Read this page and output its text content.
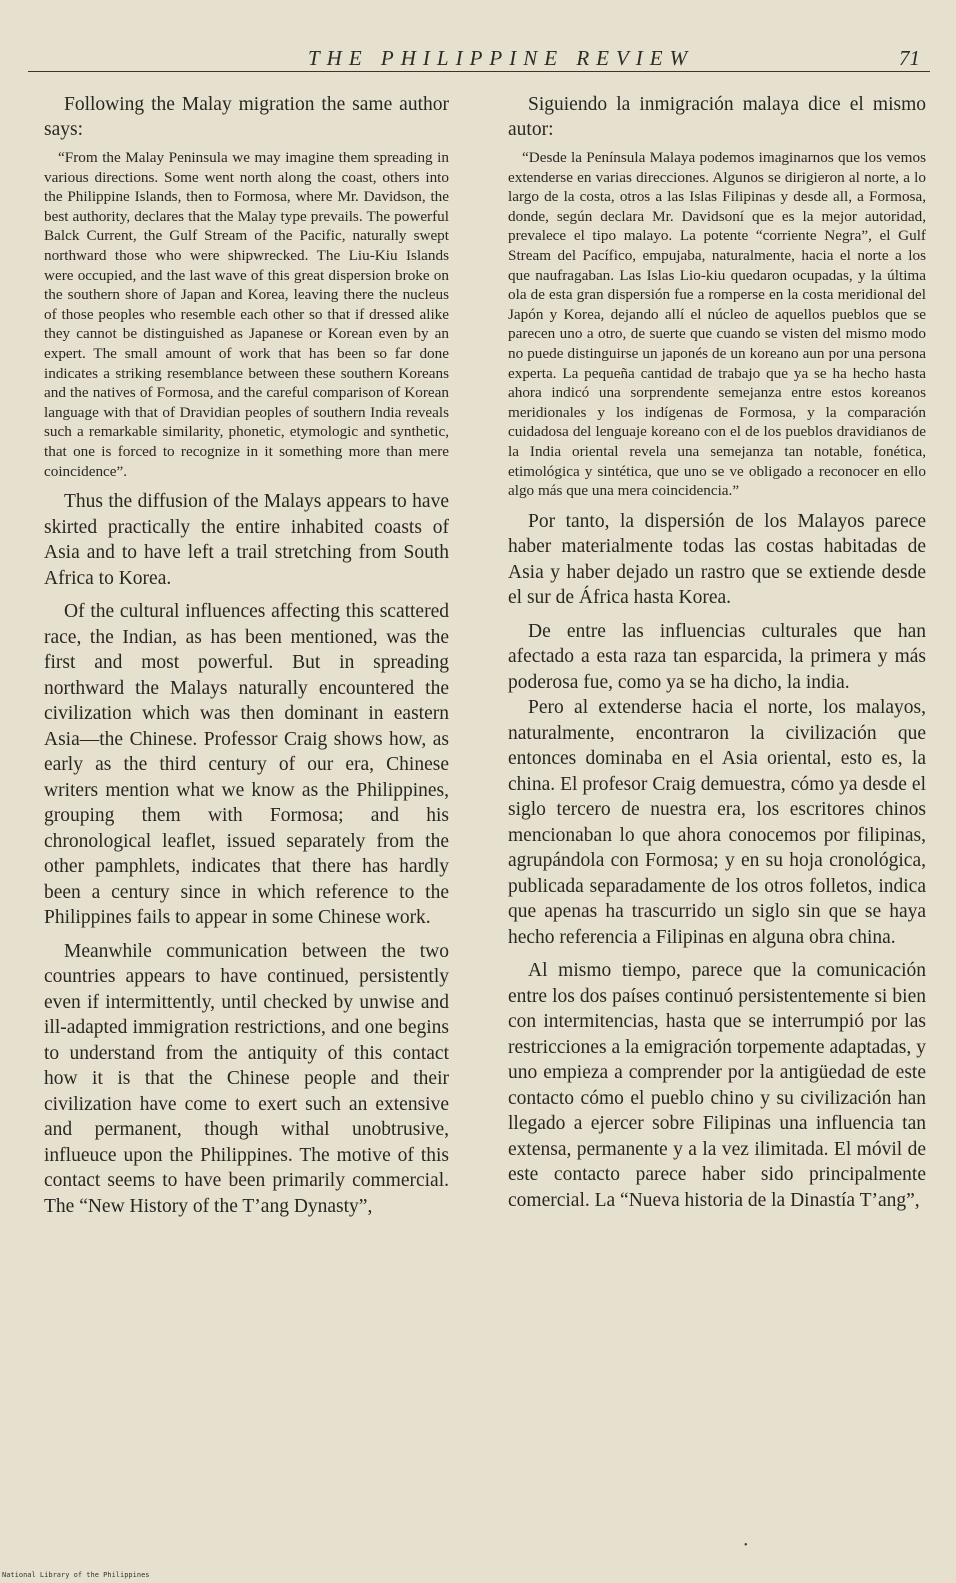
THE PHILIPPINE REVIEW	71

Following the Malay migration the same author says:

“From the Malay Peninsula we may imagine them spreading in various directions. Some went north along the coast, others into the Philippine Islands, then to Formosa, where Mr. Davidson, the best authority, declares that the Malay type prevails. The powerful Balck Current, the Gulf Stream of the Pacific, naturally swept northward those who were shipwrecked. The Liu-Kiu Islands were occupied, and the last wave of this great dispersion broke on the southern shore of Japan and Korea, leaving there the nucleus of those peoples who resemble each other so that if dressed alike they cannot be distinguished as Japanese or Korean even by an expert. The small amount of work that has been so far done indicates a striking resemblance between these southern Koreans and the natives of Formosa, and the careful comparison of Korean language with that of Dravidian peoples of southern India reveals such a remarkable similarity, phonetic, etymologic and synthetic, that one is forced to recognize in it something more than mere coincidence”.

Thus the diffusion of the Malays appears to have skirted practically the entire inhabited coasts of Asia and to have left a trail stretching from South Africa to Korea.

Of the cultural influences affecting this scattered race, the Indian, as has been mentioned, was the first and most powerful. But in spreading northward the Malays naturally encountered the civilization which was then dominant in eastern Asia—the Chinese. Professor Craig shows how, as early as the third century of our era, Chinese writers mention what we know as the Philippines, grouping them with Formosa; and his chronological leaflet, issued separately from the other pamphlets, indicates that there has hardly been a century since in which reference to the Philippines fails to appear in some Chinese work.

Meanwhile communication between the two countries appears to have continued, persistently even if intermittently, until checked by unwise and ill-adapted immigration restrictions, and one begins to understand from the antiquity of this contact how it is that the Chinese people and their civilization have come to exert such an extensive and permanent, though withal unobtrusive, influeuce upon the Philippines. The motive of this contact seems to have been primarily commercial. The “New History of the T’ang Dynasty”,

Siguiendo la inmigración malaya dice el mismo autor:

“Desde la Península Malaya podemos imaginarnos que los vemos extenderse en varias direcciones. Algunos se dirigieron al norte, a lo largo de la costa, otros a las Islas Filipinas y desde all, a Formosa, donde, según declara Mr. Davidsoní que es la mejor autoridad, prevalece el tipo malayo. La potente “corriente Negra”, el Gulf Stream del Pacífico, empujaba, naturalmente, hacia el norte a los que naufragaban. Las Islas Lio-kiu quedaron ocupadas, y la última ola de esta gran dispersión fue a romperse en la costa meridional del Japón y Korea, dejando allí el núcleo de aquellos pueblos que se parecen uno a otro, de suerte que cuando se visten del mismo modo no puede distinguirse un japonés de un koreano aun por una persona experta. La pequeña cantidad de trabajo que ya se ha hecho hasta ahora indicó una sorprendente semejanza entre estos koreanos meridionales y los indígenas de Formosa, y la comparación cuidadosa del lenguaje koreano con el de los pueblos dravidianos de la India oriental revela una semejanza tan notable, fonética, etimológica y sintética, que uno se ve obligado a reconocer en ello algo más que una mera coincidencia.”

Por tanto, la dispersión de los Malayos parece haber materialmente todas las costas habitadas de Asia y haber dejado un rastro que se extiende desde el sur de África hasta Korea.

De entre las influencias culturales que han afectado a esta raza tan esparcida, la primera y más poderosa fue, como ya se ha dicho, la india.

Pero al extenderse hacia el norte, los malayos, naturalmente, encontraron la civilización que entonces dominaba en el Asia oriental, esto es, la china. El profesor Craig demuestra, cómo ya desde el siglo tercero de nuestra era, los escritores chinos mencionaban lo que ahora conocemos por filipinas, agrupándola con Formosa; y en su hoja cronológica, publicada separadamente de los otros folletos, indica que apenas ha trascurrido un siglo sin que se haya hecho referencia a Filipinas en alguna obra china.

Al mismo tiempo, parece que la comunicación entre los dos países continuó persistentemente si bien con intermitencias, hasta que se interrumpió por las restricciones a la emigración torpemente adaptadas, y uno empieza a comprender por la antigüedad de este contacto cómo el pueblo chino y su civilización han llegado a ejercer sobre Filipinas una influencia tan extensa, permanente y a la vez ilimitada. El móvil de este contacto parece haber sido principalmente comercial. La “Nueva historia de la Dinastía T’ang”,

•
National Library of the Philippines
